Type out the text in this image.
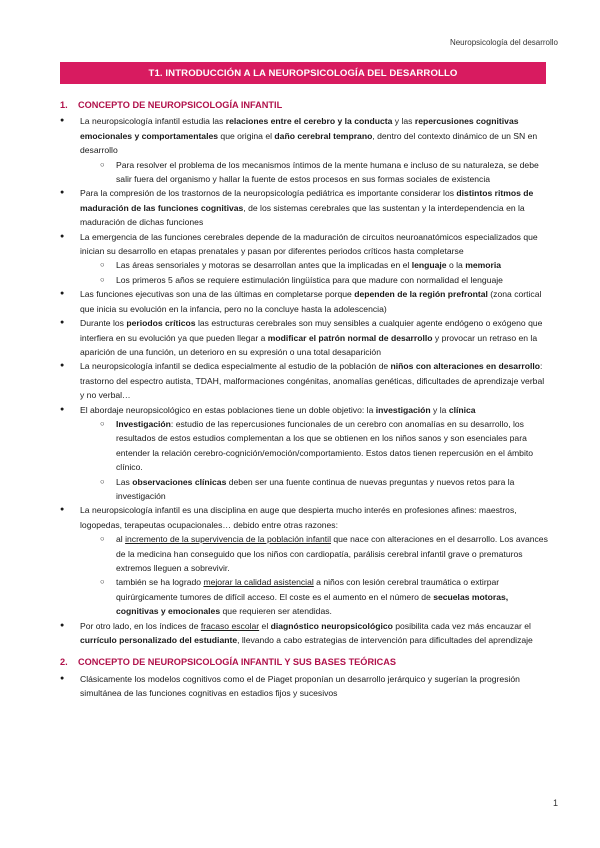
Neuropsicología del desarrollo
T1. INTRODUCCIÓN A LA NEUROPSICOLOGÍA DEL DESARROLLO
1. CONCEPTO DE NEUROPSICOLOGÍA INFANTIL

● La neuropsicología infantil estudia las relaciones entre el cerebro y la conducta y las repercusiones cognitivas emocionales y comportamentales que origina el daño cerebral temprano, dentro del contexto dinámico de un SN en desarrollo

○ Para resolver el problema de los mecanismos íntimos de la mente humana e incluso de su naturaleza, se debe salir fuera del organismo y hallar la fuente de estos procesos en sus formas sociales de existencia

● Para la compresión de los trastornos de la neuropsicología pediátrica es importante considerar los distintos ritmos de maduración de las funciones cognitivas, de los sistemas cerebrales que las sustentan y la interdependencia en la maduración de dichas funciones

● La emergencia de las funciones cerebrales depende de la maduración de circuitos neuroanatómicos especializados que inician su desarrollo en etapas prenatales y pasan por diferentes periodos críticos hasta completarse

○ Las áreas sensoriales y motoras se desarrollan antes que la implicadas en el lenguaje o la memoria

○ Los primeros 5 años se requiere estimulación lingüística para que madure con normalidad el lenguaje

● Las funciones ejecutivas son una de las últimas en completarse porque dependen de la región prefrontal (zona cortical que inicia su evolución en la infancia, pero no la concluye hasta la adolescencia)

● Durante los periodos críticos las estructuras cerebrales son muy sensibles a cualquier agente endógeno o exógeno que interfiera en su evolución ya que pueden llegar a modificar el patrón normal de desarrollo y provocar un retraso en la aparición de una función, un deterioro en su expresión o una total desaparición

● La neuropsicología infantil se dedica especialmente al estudio de la población de niños con alteraciones en desarrollo: trastorno del espectro autista, TDAH, malformaciones congénitas, anomalías genéticas, dificultades de aprendizaje verbal y no verbal…

● El abordaje neuropsicológico en estas poblaciones tiene un doble objetivo: la investigación y la clínica

○ Investigación: estudio de las repercusiones funcionales de un cerebro con anomalías en su desarrollo, los resultados de estos estudios complementan a los que se obtienen en los niños sanos y son esenciales para entender la relación cerebro-cognición/emoción/comportamiento. Estos datos tienen repercusión en el ámbito clínico.

○ Las observaciones clínicas deben ser una fuente continua de nuevas preguntas y nuevos retos para la investigación

● La neuropsicología infantil es una disciplina en auge que despierta mucho interés en profesiones afines: maestros, logopedas, terapeutas ocupacionales… debido entre otras razones:

○ al incremento de la supervivencia de la población infantil que nace con alteraciones en el desarrollo. Los avances de la medicina han conseguido que los niños con cardiopatía, parálisis cerebral infantil grave o prematuros extremos lleguen a sobrevivir.

○ también se ha logrado mejorar la calidad asistencial a niños con lesión cerebral traumática o extirpar quirúrgicamente tumores de difícil acceso. El coste es el aumento en el número de secuelas motoras, cognitivas y emocionales que requieren ser atendidas.

● Por otro lado, en los índices de fracaso escolar el diagnóstico neuropsicológico posibilita cada vez más encauzar el currículo personalizado del estudiante, llevando a cabo estrategias de intervención para dificultades del aprendizaje

2. CONCEPTO DE NEUROPSICOLOGÍA INFANTIL Y SUS BASES TEÓRICAS

● Clásicamente los modelos cognitivos como el de Piaget proponían un desarrollo jerárquico y sugerían la progresión simultánea de las funciones cognitivas en estadios fijos y sucesivos

1
